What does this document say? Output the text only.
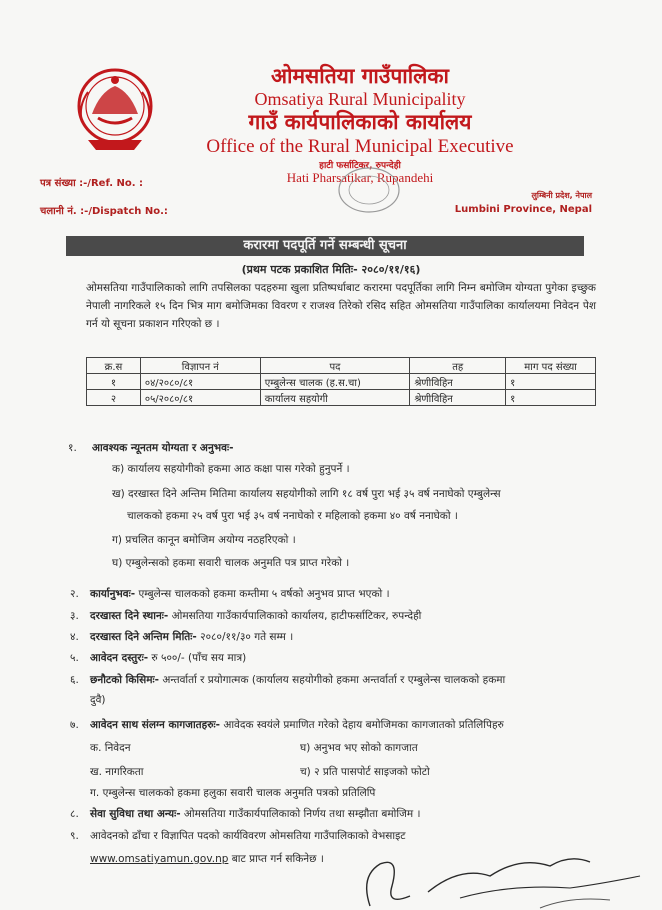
ओमसतिया गाउँपालिका
Omsatiya Rural Municipality
गाउँ कार्यपालिकाको कार्यालय
Office of the Rural Municipal Executive
हाटी फर्साटिकर, रुपन्देही
Hati Pharsatikar, Rupandehi
पत्र संख्या :-/Ref. No. :
चलानी नं. :-/Dispatch No.:
लुम्बिनी प्रदेश, नेपाल
Lumbini Province, Nepal
करारमा पदपूर्ति गर्ने सम्बन्धी सूचना
(प्रथम पटक प्रकाशित मितिः- २०८०/११/१६)
ओमसतिया गाउँपालिकाको लागि तपसिलका पदहरुमा खुला प्रतिष्पर्धाबाट करारमा पदपूर्तिका लागि निम्न बमोजिम योग्यता पुगेका इच्छुक नेपाली नागरिकले १५ दिन भित्र माग बमोजिमका विवरण र राजश्व तिरेको रसिद सहित ओमसतिया गाउँपालिका कार्यालयमा निवेदन पेश गर्न यो सूचना प्रकाशन गरिएको छ ।
क्र.स	विज्ञापन नं	पद	तह	माग पद संख्या
१	०४/२०८०/८१	एम्बुलेन्स चालक (ह.स.चा)	श्रेणीविहिन	१
२	०५/२०८०/८१	कार्यालय सहयोगी	श्रेणीविहिन	१
१. आवश्यक न्यूनतम योग्यता र अनुभवः-
क) कार्यालय सहयोगीको हकमा आठ कक्षा पास गरेको हुनुपर्ने ।
ख) दरखास्त दिने अन्तिम मितिमा कार्यालय सहयोगीको लागि १८ वर्ष पुरा भई ३५ वर्ष ननाघेको एम्बुलेन्स
चालकको हकमा २५ वर्ष पुरा भई ३५ वर्ष ननाघेको र महिलाको हकमा ४० वर्ष ननाघेको ।
ग) प्रचलित कानून बमोजिम अयोग्य नठहरिएको ।
घ) एम्बुलेन्सको हकमा सवारी चालक अनुमति पत्र प्राप्त गरेको ।
२. कार्यानुभवः- एम्बुलेन्स चालकको हकमा कम्तीमा ५ वर्षको अनुभव प्राप्त भएको ।
३. दरखास्त दिने स्थानः- ओमसतिया गाउँकार्यपालिकाको कार्यालय, हाटीफर्साटिकर, रुपन्देही
४. दरखास्त दिने अन्तिम मितिः- २०८०/११/३० गते सम्म ।
५. आवेदन दस्तुरः- रु ५००/- (पाँच सय मात्र)
६. छनौटको किसिमः- अन्तर्वार्ता र प्रयोगात्मक (कार्यालय सहयोगीको हकमा अन्तर्वार्ता र एम्बुलेन्स चालकको हकमा
दुवै)
७. आवेदन साथ संलग्न कागजातहरुः- आवेदक स्वयंले प्रमाणित गरेको देहाय बमोजिमका कागजातको प्रतिलिपिहरु
क. निवेदन	घ) अनुभव भए सोको कागजात
ख. नागरिकता	च) २ प्रति पासपोर्ट साइजको फोटो
ग. एम्बुलेन्स चालकको हकमा हलुका सवारी चालक अनुमति पत्रको प्रतिलिपि
८. सेवा सुविधा तथा अन्यः- ओमसतिया गाउँकार्यपालिकाको निर्णय तथा सम्झौता बमोजिम ।
९. आवेदनको ढाँचा र विज्ञापित पदको कार्यविवरण ओमसतिया गाउँपालिकाको वेभसाइट
www.omsatiyamun.gov.np बाट प्राप्त गर्न सकिनेछ ।
